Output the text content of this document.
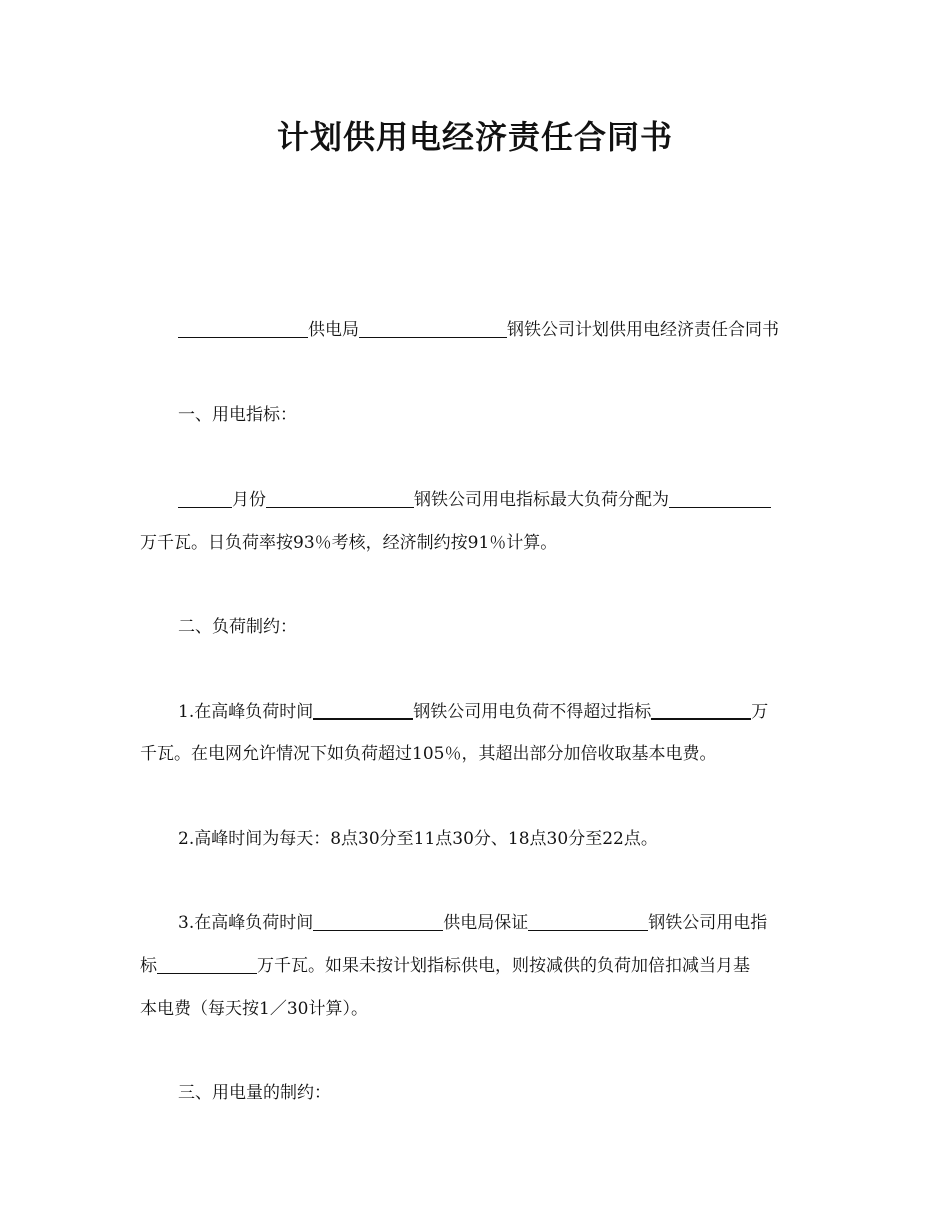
计划供用电经济责任合同书
供电局	钢铁公司计划供用电经济责任合同书
一、用电指标：
月份	钢铁公司用电指标最大负荷分配为
万千瓦。日负荷率按93％考核，经济制约按91％计算。
二、负荷制约：
1.在高峰负荷时间	钢铁公司用电负荷不得超过指标	万
千瓦。在电网允许情况下如负荷超过105％，其超出部分加倍收取基本电费。
2.高峰时间为每天：8点30分至11点30分、18点30分至22点。
3.在高峰负荷时间	供电局保证	钢铁公司用电指
标	万千瓦。如果未按计划指标供电，则按减供的负荷加倍扣减当月基
本电费（每天按1／30计算）。
三、用电量的制约：
